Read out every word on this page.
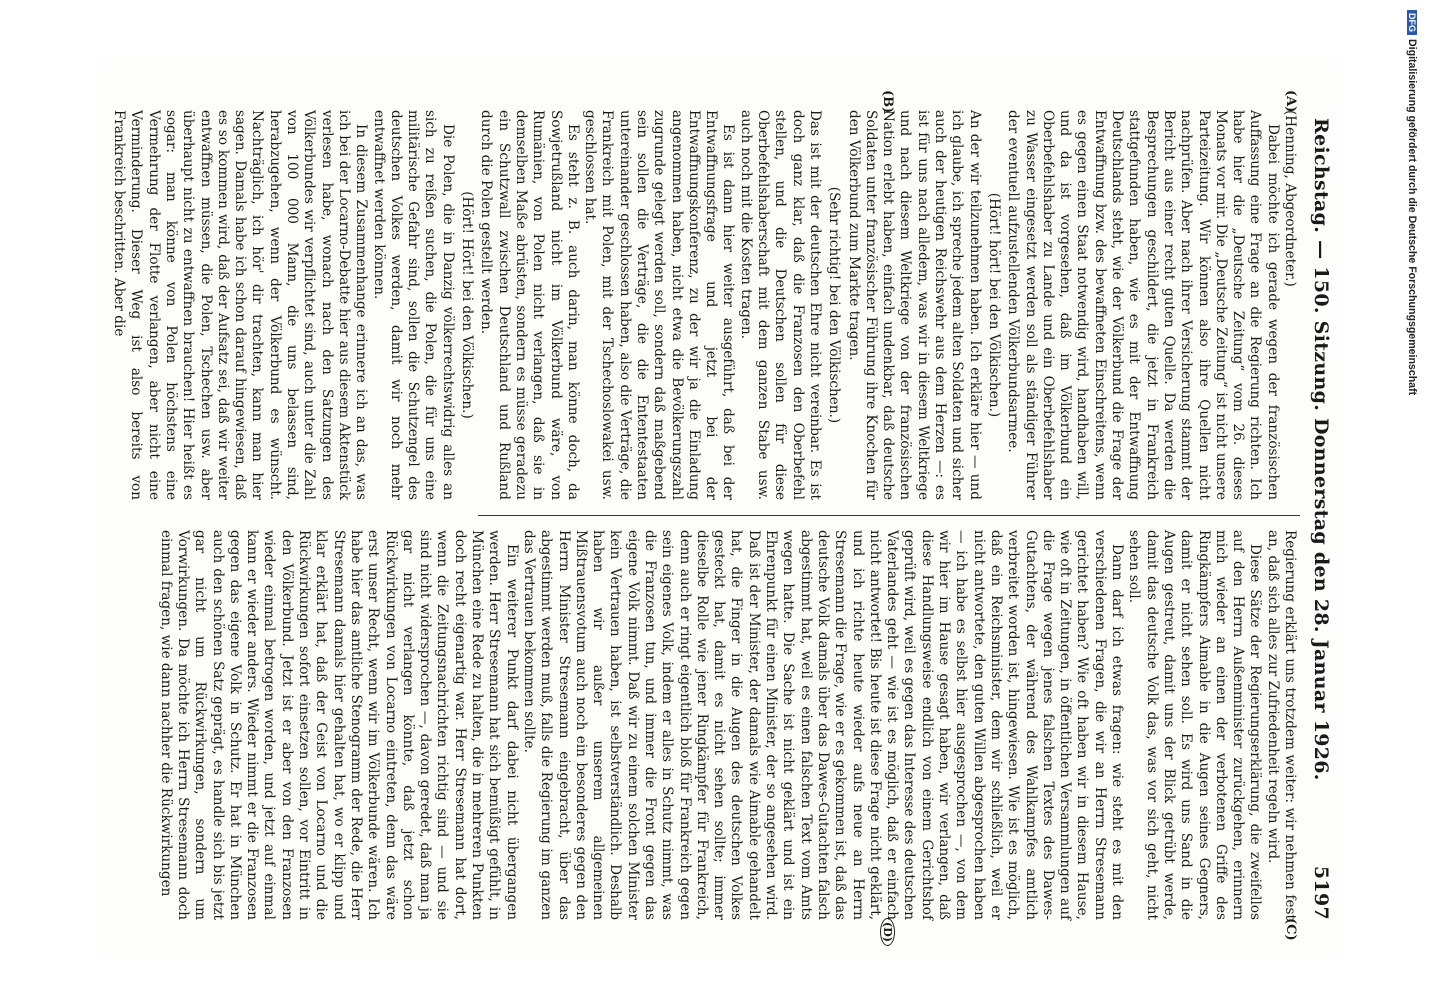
Reichstag. — 150. Sitzung. Donnerstag den 28. Januar 1926.
5197
(A)
(B)
(C)
(D)

(Henning, Abgeordneter.)

Dabei möchte ich gerade wegen der französischen Auffassung eine Frage an die Regierung richten. Ich habe hier die „Deutsche Zeitung“ vom 26. dieses Monats vor mir. Die „Deutsche Zeitung“ ist nicht unsere Parteizeitung. Wir können also ihre Quellen nicht nachprüfen. Aber nach ihrer Versicherung stammt der Bericht aus einer recht guten Quelle. Da werden die Besprechungen geschildert, die jetzt in Frankreich stattgefunden haben, wie es mit der Entwaffnung Deutschlands steht, wie der Völkerbund die Frage der Entwaffnung bzw. des bewaffneten Einschreitens, wenn es gegen einen Staat notwendig wird, handhaben will, und da ist vorgesehen, daß im Völkerbund ein Oberbefehlshaber zu Lande und ein Oberbefehlshaber zu Wasser eingesetzt werden soll als ständiger Führer der eventuell aufzustellenden Völkerbundsarmee.

(Hört! hört! bei den Völkischen.)

An der wir teilzunehmen haben. Ich erkläre hier — und ich glaube, ich spreche jedem alten Soldaten und sicher auch der heutigen Reichswehr aus dem Herzen —: es ist für uns nach alledem, was wir in diesem Weltkriege und nach diesem Weltkriege von der französischen Nation erlebt haben, einfach undenkbar, daß deutsche Soldaten unter französischer Führung ihre Knochen für den Völkerbund zum Markte tragen.

(Sehr richtig! bei den Völkischen.)

Das ist mit der deutschen Ehre nicht vereinbar. Es ist doch ganz klar, daß die Franzosen den Oberbefehl stellen, und die Deutschen sollen für diese Oberbefehlshaberschaft mit dem ganzen Stabe usw. auch noch mit die Kosten tragen.

Es ist dann hier weiter ausgeführt, daß bei der Entwaffnungsfrage und jetzt bei der Entwaffnungskonferenz, zu der wir ja die Einladung angenommen haben, nicht etwa die Bevölkerungszahl zugrunde gelegt werden soll, sondern daß maßgebend sein sollen die Verträge, die die Ententestaaten untereinander geschlossen haben, also die Verträge, die Frankreich mit Polen, mit der Tschechoslowakei usw. geschlossen hat.

Es steht z. B. auch darin, man könne doch, da Sowjetrußland nicht im Völkerbund wäre, von Rumänien, von Polen nicht verlangen, daß sie in demselben Maße abrüsten, sondern es müsse geradezu ein Schutzwall zwischen Deutschland und Rußland durch die Polen gestellt werden.

(Hört! Hört! bei den Völkischen.)

Die Polen, die in Danzig völkerrechtswidrig alles an sich zu reißen suchen, die Polen, die für uns eine militärische Gefahr sind, sollen die Schutzengel des deutschen Volkes werden, damit wir noch mehr entwaffnet werden können.

In diesem Zusammenhange erinnere ich an das, was ich bei der Locarno-Debatte hier aus diesem Aktenstück verlesen habe, wonach nach den Satzungen des Völkerbundes wir verpflichtet sind, auch unter die Zahl von 100 000 Mann, die uns belassen sind, herabzugehen, wenn der Völkerbund es wünscht. Nachträglich, ich hör' dir trachten, kann man hier sagen. Damals habe ich schon darauf hingewiesen, daß es so kommen wird, daß der Aufsatz sei, daß wir weiter entwaffnen müssen, die Polen, Tschechen usw. aber überhaupt nicht zu entwaffnen brauchen! Hier heißt es sogar: man könne von Polen höchstens eine Vermehrung der Flotte verlangen, aber nicht eine Verminderung. Dieser Weg ist also bereits von Frankreich beschritten. Aber die

Regierung erklärt uns trotzdem weiter: wir nehmen fest an, daß sich alles zur Zufriedenheit regeln wird.

Diese Sätze der Regierungserklärung, die zweifellos auf den Herrn Außenminister zurückgehen, erinnern mich wieder an einen der verbotenen Griffe des Ringkämpfers Aimable in die Augen seines Gegners, damit er nicht sehen soll. Es wird uns Sand in die Augen gestreut, damit uns der Blick getrübt werde, damit das deutsche Volk das, was vor sich geht, nicht sehen soll.

Dann darf ich etwas fragen: wie steht es mit den verschiedenen Fragen, die wir an Herrn Stresemann gerichtet haben? Wie oft haben wir in diesem Hause, wie oft in Zeitungen, in öffentlichen Versammlungen auf die Frage wegen jenes falschen Textes des Dawes-Gutachtens, der während des Wahlkampfes amtlich verbreitet worden ist, hingewiesen. Wie ist es möglich, daß ein Reichsminister, dem wir schließlich, weil er nicht antwortete, den guten Willen abgesprochen haben — ich habe es selbst hier ausgesprochen —, von dem wir hier im Hause gesagt haben, wir verlangen, daß diese Handlungsweise endlich von einem Gerichtshof geprüft wird, weil es gegen das Interesse des deutschen Vaterlandes geht — wie ist es möglich, daß er einfach nicht antwortet! Bis heute ist diese Frage nicht geklärt, und ich richte heute wieder aufs neue an Herrn Stresemann die Frage, wie er es gekommen ist, daß das deutsche Volk damals über das Dawes-Gutachten falsch abgestimmt hat, weil es einen falschen Text vom Amts wegen hatte. Die Sache ist nicht geklärt und ist ein Ehrenpunkt für einen Minister, der so angesehen wird. Daß ist der Minister, der damals wie Aimable gehandelt hat, die Finger in die Augen des deutschen Volkes gesteckt hat, damit es nicht sehen sollte; immer dieselbe Rolle wie jener Ringkämpfer für Frankreich, denn auch er ringt eigentlich bloß für Frankreich gegen sein eigenes Volk, indem er alles in Schutz nimmt, was die Franzosen tun, und immer die Front gegen das eigene Volk nimmt. Daß wir zu einem solchen Minister kein Vertrauen haben, ist selbstverständlich. Deshalb haben wir außer unserem allgemeinen Mißtrauensvotum auch noch ein besonderes gegen den Herrn Minister Stresemann eingebracht, über das abgestimmt werden muß, falls die Regierung im ganzen das Vertrauen bekommen sollte.

Ein weiterer Punkt darf dabei nicht übergangen werden. Herr Stresemann hat sich bemüßigt gefühlt, in München eine Rede zu halten, die in mehreren Punkten doch recht eigenartig war. Herr Stresemann hat dort, wenn die Zeitungsnachrichten richtig sind — und sie sind nicht widersprochen —, davon geredet, daß man ja gar nicht verlangen könnte, daß jetzt schon Rückwirkungen von Locarno eintreten, denn das wäre erst unser Recht, wenn wir im Völkerbunde wären. Ich habe hier das amtliche Stenogramm der Rede, die Herr Stresemann damals hier gehalten hat, wo er klipp und klar erklärt hat, daß der Geist von Locarno und die Rückwirkungen sofort einsetzen sollen, vor Eintritt in den Völkerbund. Jetzt ist er aber von den Franzosen wieder einmal betrogen worden, und jetzt auf einmal kann er wieder anders. Wieder nimmt er die Franzosen gegen das eigene Volk in Schutz. Er hat in München auch den schönen Satz geprägt, es handle sich bis jetzt gar nicht um Rückwirkungen, sondern um Vorwirkungen. Da möchte ich Herrn Stresemann doch einmal fragen, wie dann nachher die Rückwirkungen

DFGDigitalisierung gefördert durch die Deutsche Forschungsgemeinschaft
